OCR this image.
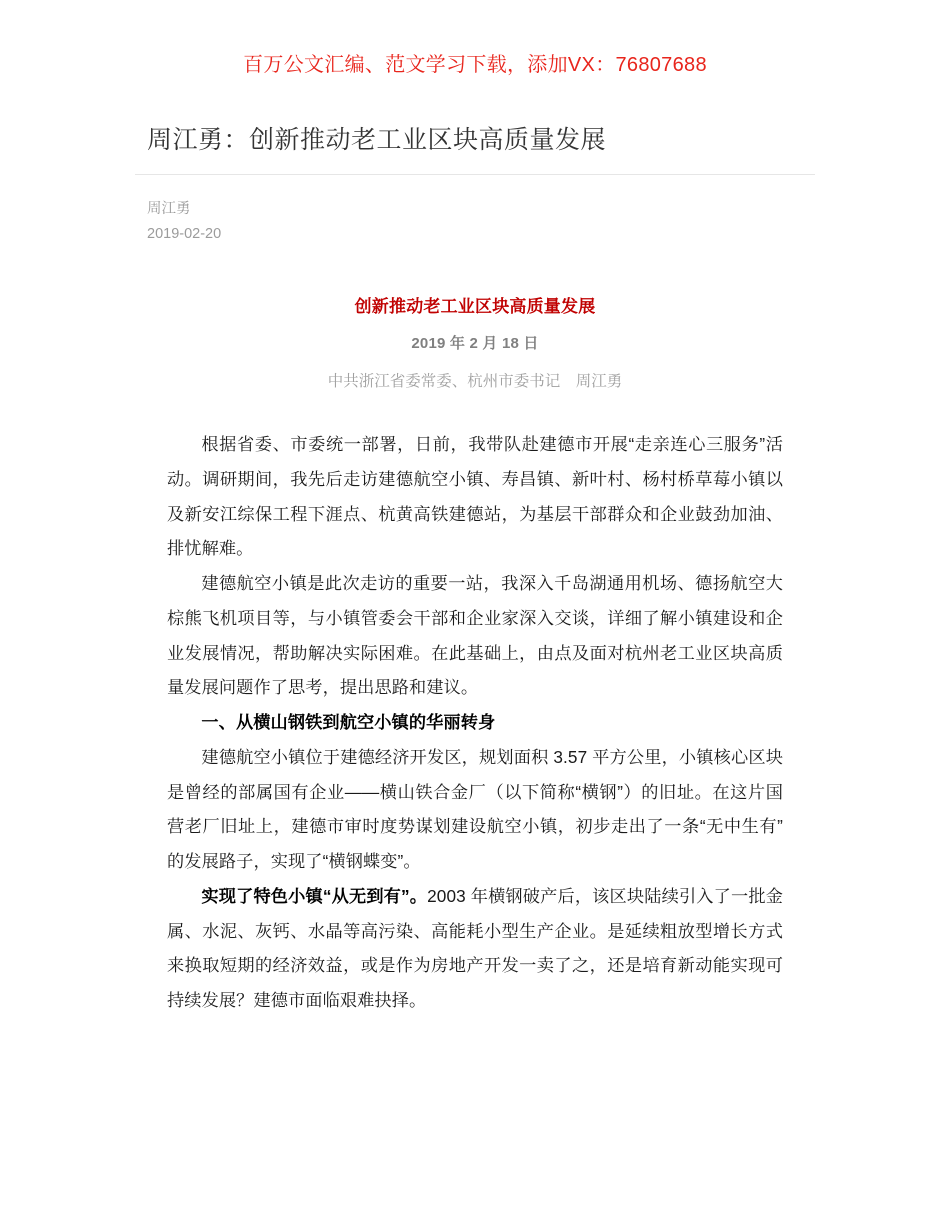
百万公文汇编、范文学习下载，添加VX：76807688
周江勇：创新推动老工业区块高质量发展
周江勇
2019-02-20
创新推动老工业区块高质量发展
2019 年 2 月 18 日
中共浙江省委常委、杭州市委书记　周江勇

根据省委、市委统一部署，日前，我带队赴建德市开展“走亲连心三服务”活动。调研期间，我先后走访建德航空小镇、寿昌镇、新叶村、杨村桥草莓小镇以及新安江综保工程下涯点、杭黄高铁建德站，为基层干部群众和企业鼓劲加油、排忧解难。

建德航空小镇是此次走访的重要一站，我深入千岛湖通用机场、德扬航空大棕熊飞机项目等，与小镇管委会干部和企业家深入交谈，详细了解小镇建设和企业发展情况，帮助解决实际困难。在此基础上，由点及面对杭州老工业区块高质量发展问题作了思考，提出思路和建议。

一、从横山钢铁到航空小镇的华丽转身

建德航空小镇位于建德经济开发区，规划面积 3.57 平方公里，小镇核心区块是曾经的部属国有企业——横山铁合金厂（以下简称“横钢”）的旧址。在这片国营老厂旧址上，建德市审时度势谋划建设航空小镇，初步走出了一条“无中生有”的发展路子，实现了“横钢蝶变”。

实现了特色小镇“从无到有”。2003 年横钢破产后，该区块陆续引入了一批金属、水泥、灰钙、水晶等高污染、高能耗小型生产企业。是延续粗放型增长方式来换取短期的经济效益，或是作为房地产开发一卖了之，还是培育新动能实现可持续发展？建德市面临艰难抉择。
